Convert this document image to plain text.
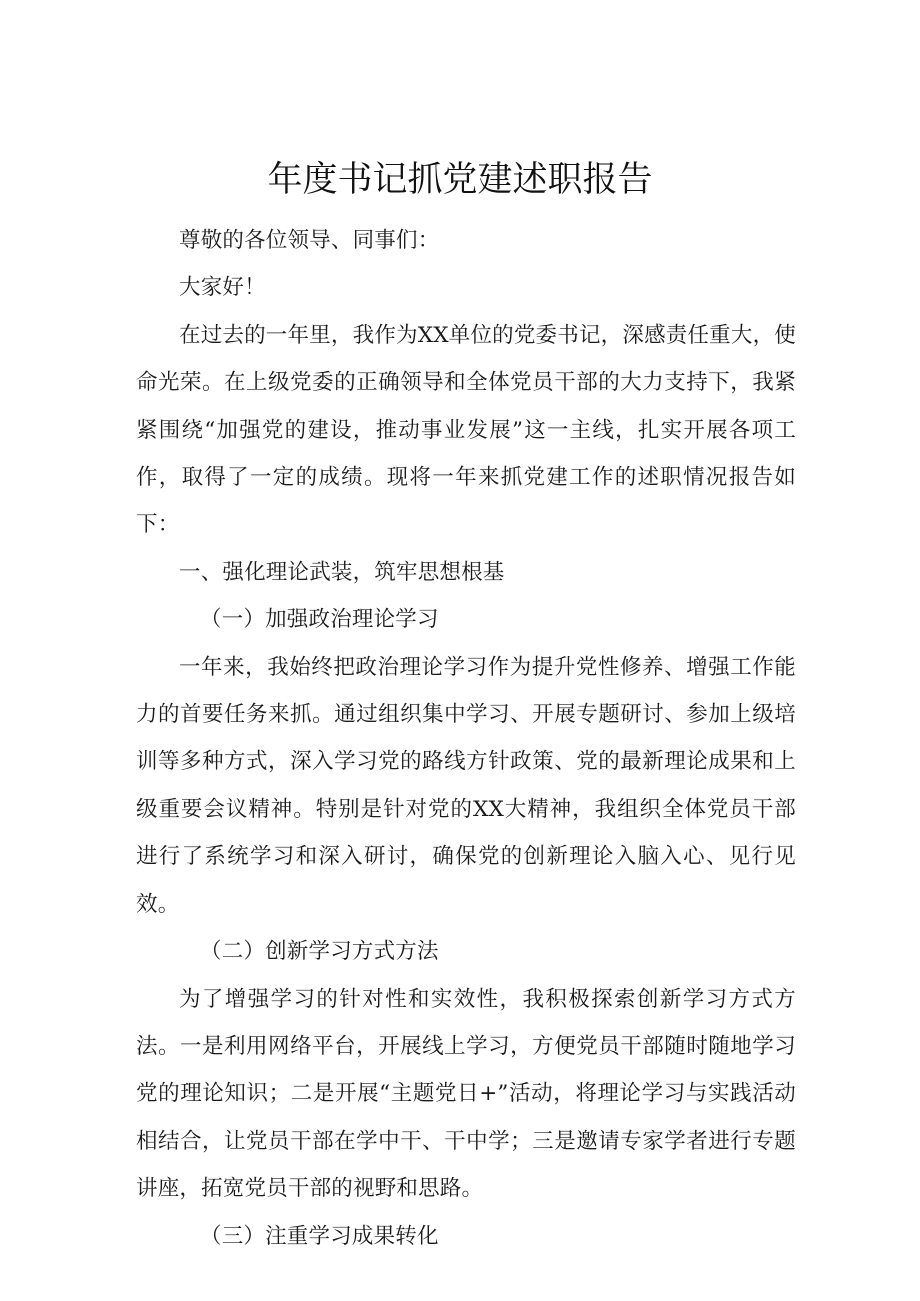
年度书记抓党建述职报告

尊敬的各位领导、同事们：

大家好！

在过去的一年里，我作为XX单位的党委书记，深感责任重大，使命光荣。在上级党委的正确领导和全体党员干部的大力支持下，我紧紧围绕“加强党的建设，推动事业发展”这一主线，扎实开展各项工作，取得了一定的成绩。现将一年来抓党建工作的述职情况报告如下：

一、强化理论武装，筑牢思想根基

（一）加强政治理论学习

一年来，我始终把政治理论学习作为提升党性修养、增强工作能力的首要任务来抓。通过组织集中学习、开展专题研讨、参加上级培训等多种方式，深入学习党的路线方针政策、党的最新理论成果和上级重要会议精神。特别是针对党的XX大精神，我组织全体党员干部进行了系统学习和深入研讨，确保党的创新理论入脑入心、见行见效。

（二）创新学习方式方法

为了增强学习的针对性和实效性，我积极探索创新学习方式方法。一是利用网络平台，开展线上学习，方便党员干部随时随地学习党的理论知识；二是开展“主题党日+”活动，将理论学习与实践活动相结合，让党员干部在学中干、干中学；三是邀请专家学者进行专题讲座，拓宽党员干部的视野和思路。

（三）注重学习成果转化
